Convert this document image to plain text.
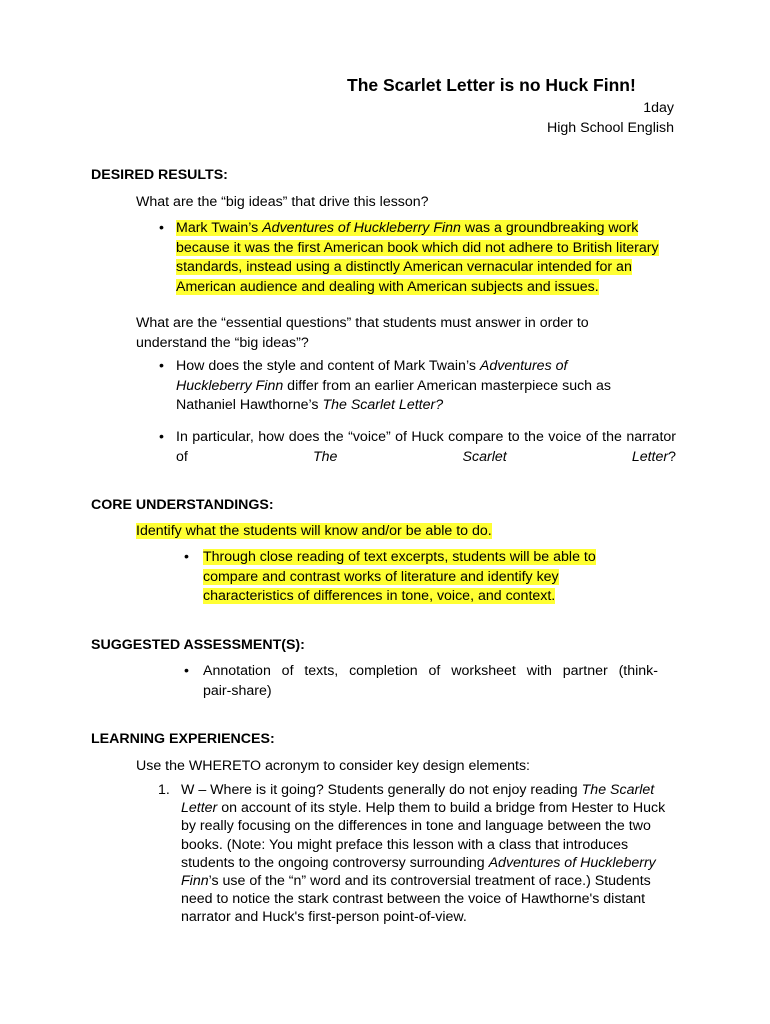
The Scarlet Letter is no Huck Finn!
1day
High School English
DESIRED RESULTS:
What are the “big ideas” that drive this lesson?
• Mark Twain’s Adventures of Huckleberry Finn was a groundbreaking work because it was the first American book which did not adhere to British literary standards, instead using a distinctly American vernacular intended for an American audience and dealing with American subjects and issues.
What are the “essential questions” that students must answer in order to understand the “big ideas”?
• How does the style and content of Mark Twain’s Adventures of Huckleberry Finn differ from an earlier American masterpiece such as Nathaniel Hawthorne’s The Scarlet Letter?
• In particular, how does the “voice” of Huck compare to the voice of the narrator of The Scarlet Letter?
CORE UNDERSTANDINGS:
Identify what the students will know and/or be able to do.
• Through close reading of text excerpts, students will be able to compare and contrast works of literature and identify key characteristics of differences in tone, voice, and context.
SUGGESTED ASSESSMENT(S):
• Annotation of texts, completion of worksheet with partner (think-pair-share)
LEARNING EXPERIENCES:
Use the WHERETO acronym to consider key design elements:
1. W – Where is it going? Students generally do not enjoy reading The Scarlet Letter on account of its style. Help them to build a bridge from Hester to Huck by really focusing on the differences in tone and language between the two books. (Note: You might preface this lesson with a class that introduces students to the ongoing controversy surrounding Adventures of Huckleberry Finn’s use of the “n” word and its controversial treatment of race.) Students need to notice the stark contrast between the voice of Hawthorne's distant narrator and Huck's first-person point-of-view.
